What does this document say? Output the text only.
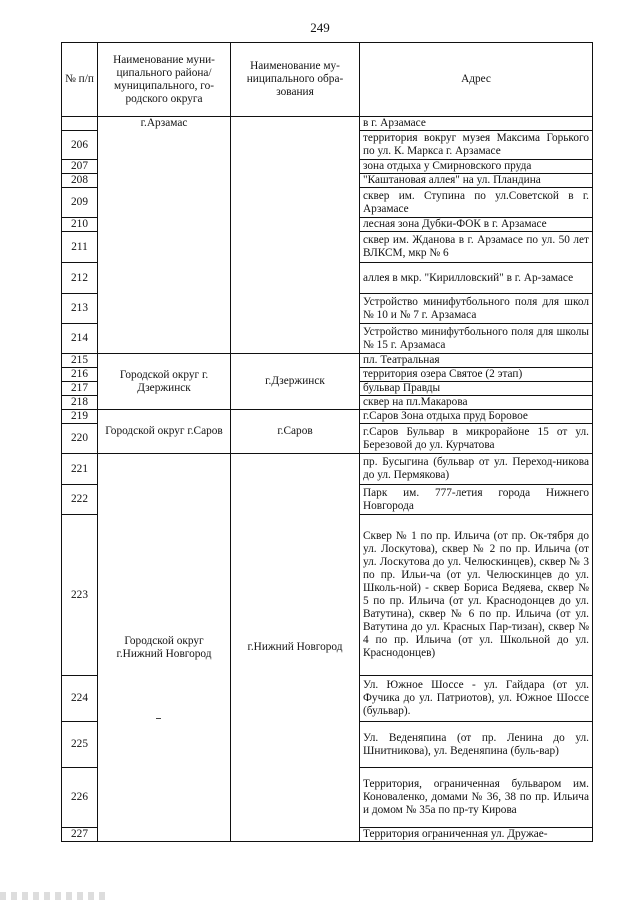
249
№ п/п	Наименование муни-ципального района/ муниципального, го-родского округа	Наименование му-ниципального обра-зования	Адрес
	г.Арзамас		в г. Арзамасе
206			территория вокруг музея Максима Горького по ул. К. Маркса г. Арзамасе
207			зона отдыха у Смирновского пруда
208			"Каштановая аллея" на ул. Пландина
209			сквер им. Ступина по ул.Советской в г. Арзамасе
210			лесная зона Дубки-ФОК в г. Арзамасе
211			сквер им. Жданова в г. Арзамасе по ул. 50 лет ВЛКСМ, мкр № 6
212			аллея в мкр. "Кирилловский" в г. Ар-замасе
213			Устройство минифутбольного поля для школ № 10 и № 7 г. Арзамаса
214			Устройство минифутбольного поля для школы № 15 г. Арзамаса
215	Городской округ г. Дзержинск	г.Дзержинск	пл. Театральная
216			территория озера Святое (2 этап)
217			бульвар Правды
218			сквер на пл.Макарова
219	Городской округ г.Саров	г.Саров	г.Саров Зона отдыха пруд Боровое
220			г.Саров Бульвар в микрорайоне 15 от ул. Березовой до ул. Курчатова
221	Городской округ г.Нижний Новгород	г.Нижний Новгород	пр. Бусыгина (бульвар от ул. Переход-никова до ул. Пермякова)
222			Парк им. 777-летия города Нижнего Новгорода
223			Сквер № 1 по пр. Ильича (от пр. Ок-тября до ул. Лоскутова), сквер № 2 по пр. Ильича (от ул. Лоскутова до ул. Челюскинцев), сквер № 3 по пр. Ильи-ча (от ул. Челюскинцев до ул. Школь-ной) - сквер Бориса Ведяева, сквер № 5 по пр. Ильича (от ул. Краснодонцев до ул. Ватутина), сквер № 6 по пр. Ильича (от ул. Ватутина до ул. Красных Пар-тизан), сквер № 4 по пр. Ильича (от ул. Школьной до ул. Краснодонцев)
224			Ул. Южное Шоссе - ул. Гайдара (от ул. Фучика до ул. Патриотов), ул. Южное Шоссе (бульвар).
225			Ул. Веденяпина (от пр. Ленина до ул. Шнитникова), ул. Веденяпина (буль-вар)
226			Территория, ограниченная бульваром им. Коноваленко, домами № 36, 38 по пр. Ильича и домом № 35а по пр-ту Кирова
227			Территория ограниченная ул. Дружае-
